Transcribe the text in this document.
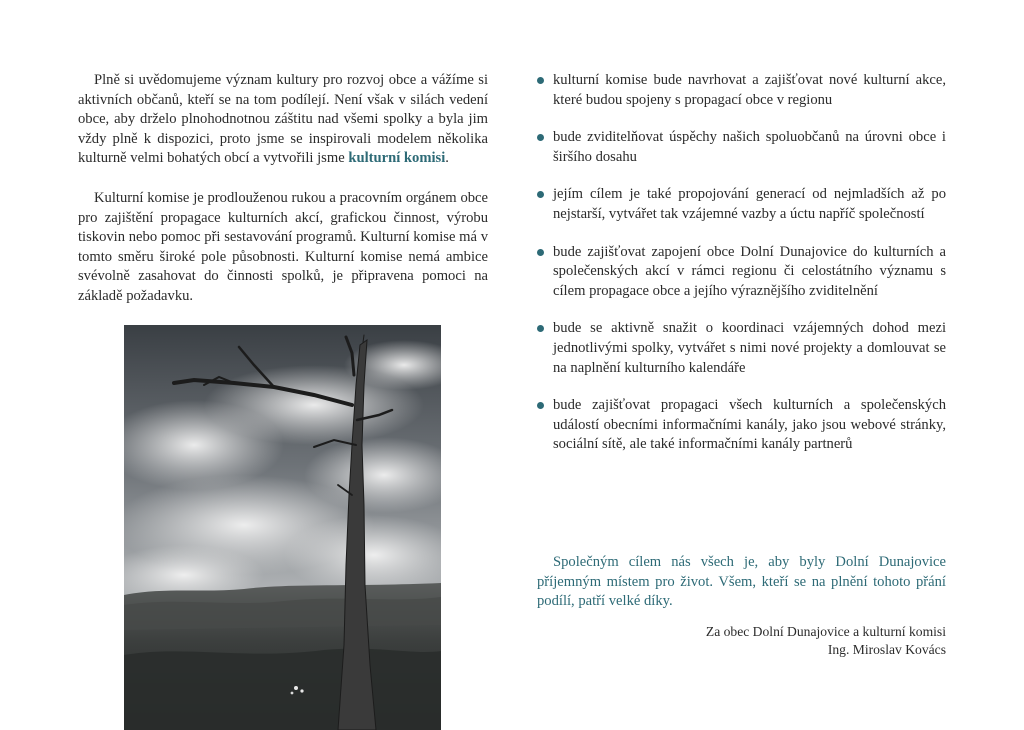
Plně si uvědomujeme význam kultury pro rozvoj obce a vážíme si aktivních občanů, kteří se na tom podílejí. Není však v silách vedení obce, aby drželo plnohodnotnou záštitu nad všemi spolky a byla jim vždy plně k dispozici, proto jsme se inspirovali modelem několika kulturně velmi bohatých obcí a vytvořili jsme kulturní komisi.

Kulturní komise je prodlouženou rukou a pracovním orgánem obce pro zajištění propagace kulturních akcí, grafickou činnost, výrobu tiskovin nebo pomoc při sestavování programů. Kulturní komise má v tomto směru široké pole působnosti. Kulturní komise nemá ambice svévolně zasahovat do činnosti spolků, je připravena pomoci na základě požadavku.

kulturní komise bude navrhovat a zajišťovat nové kulturní akce, které budou spojeny s propagací obce v regionu
bude zviditelňovat úspěchy našich spoluobčanů na úrovni obce i širšího dosahu
jejím cílem je také propojování generací od nejmladších až po nejstarší, vytvářet tak vzájemné vazby a úctu napříč společností
bude zajišťovat zapojení obce Dolní Dunajovice do kulturních a společenských akcí v rámci regionu či celostátního významu s cílem propagace obce a jejího výraznějšího zviditelnění
bude se aktivně snažit o koordinaci vzájemných dohod mezi jednotlivými spolky, vytvářet s nimi nové projekty a domlouvat se na naplnění kulturního kalendáře
bude zajišťovat propagaci všech kulturních a společenských událostí obecními informačními kanály, jako jsou webové stránky, sociální sítě, ale také informačními kanály partnerů

Společným cílem nás všech je, aby byly Dolní Dunajovice příjemným místem pro život. Všem, kteří se na plnění tohoto přání podílí, patří velké díky.

Za obec Dolní Dunajovice a kulturní komisi
Ing. Miroslav Kovács
